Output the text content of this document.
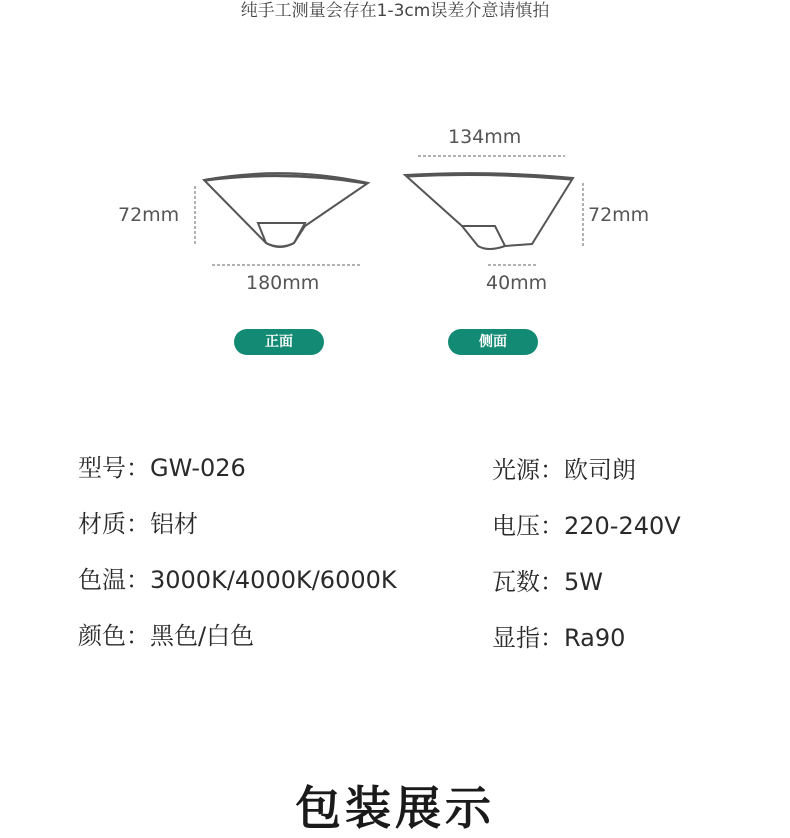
纯手工测量会存在1-3cm误差介意请慎拍
72mm
180mm
134mm
72mm
40mm
正面	侧面
型号：GW-026	光源：欧司朗
材质：铝材	电压：220-240V
色温：3000K/4000K/6000K	瓦数：5W
颜色：黑色/白色	显指：Ra90
包装展示
